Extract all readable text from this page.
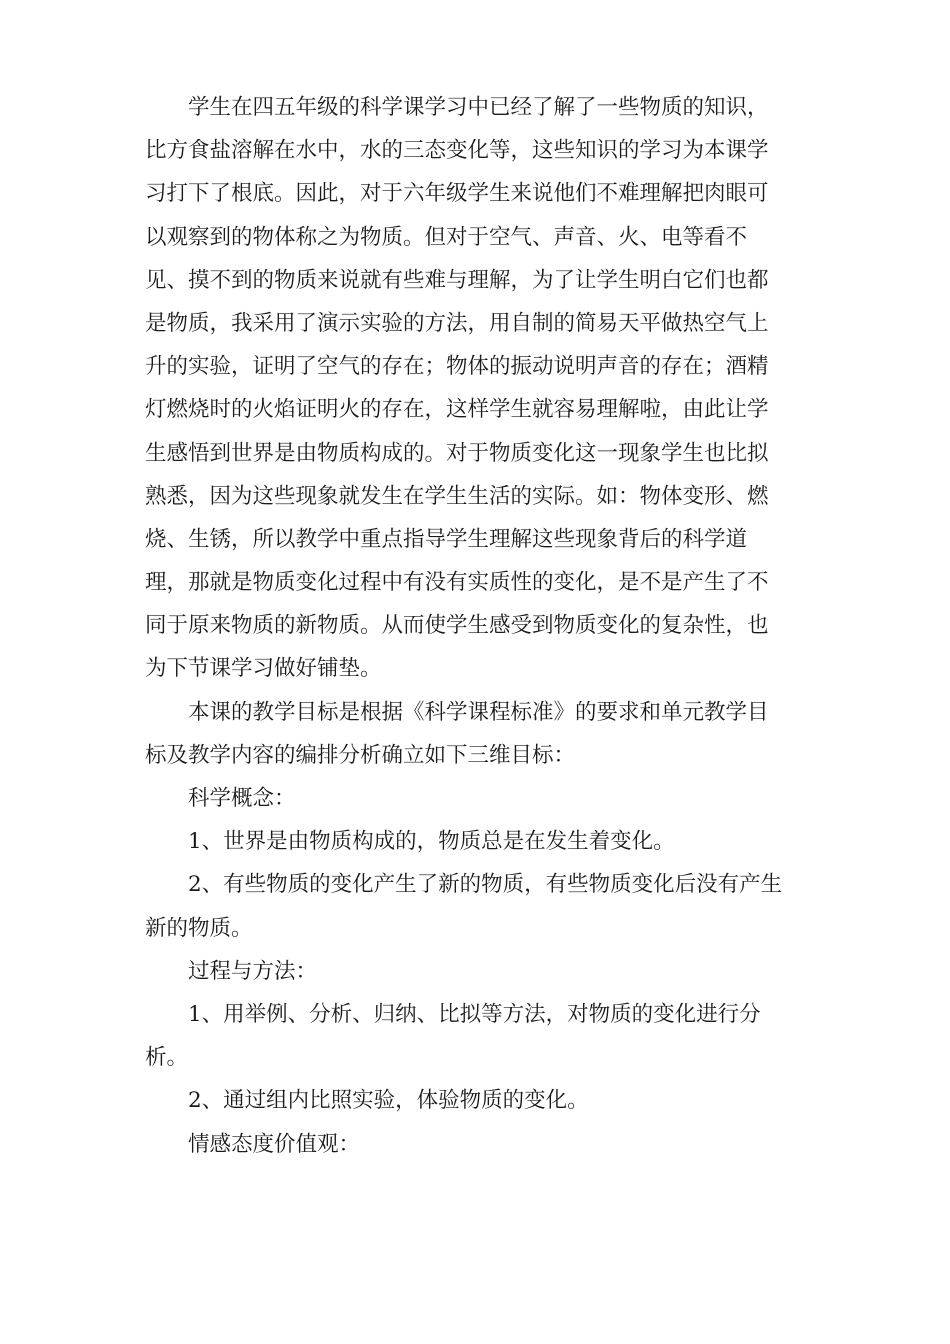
学生在四五年级的科学课学习中已经了解了一些物质的知识，
比方食盐溶解在水中，水的三态变化等，这些知识的学习为本课学
习打下了根底。因此，对于六年级学生来说他们不难理解把肉眼可
以观察到的物体称之为物质。但对于空气、声音、火、电等看不
见、摸不到的物质来说就有些难与理解，为了让学生明白它们也都
是物质，我采用了演示实验的方法，用自制的简易天平做热空气上
升的实验，证明了空气的存在；物体的振动说明声音的存在；酒精
灯燃烧时的火焰证明火的存在，这样学生就容易理解啦，由此让学
生感悟到世界是由物质构成的。对于物质变化这一现象学生也比拟
熟悉，因为这些现象就发生在学生生活的实际。如：物体变形、燃
烧、生锈，所以教学中重点指导学生理解这些现象背后的科学道
理，那就是物质变化过程中有没有实质性的变化，是不是产生了不
同于原来物质的新物质。从而使学生感受到物质变化的复杂性，也
为下节课学习做好铺垫。
本课的教学目标是根据《科学课程标准》的要求和单元教学目
标及教学内容的编排分析确立如下三维目标：
科学概念：
1、世界是由物质构成的，物质总是在发生着变化。
2、有些物质的变化产生了新的物质，有些物质变化后没有产生
新的物质。
过程与方法：
1、用举例、分析、归纳、比拟等方法，对物质的变化进行分
析。
2、通过组内比照实验，体验物质的变化。
情感态度价值观：
